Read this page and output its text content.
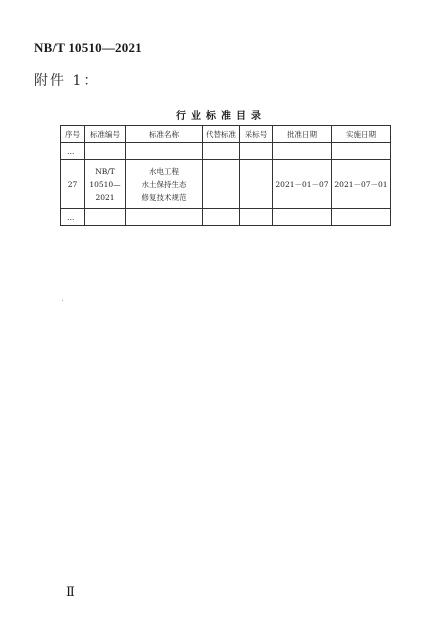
NB/T 10510—2021
附件 1：
行业标准目录
序号	标准编号	标准名称	代替标准	采标号	批准日期	实施日期
…						
27	NB/T
10510—
2021	水电工程
水土保持生态
修复技术规范			2021－01－07	2021－07－01
…						
Ⅱ
